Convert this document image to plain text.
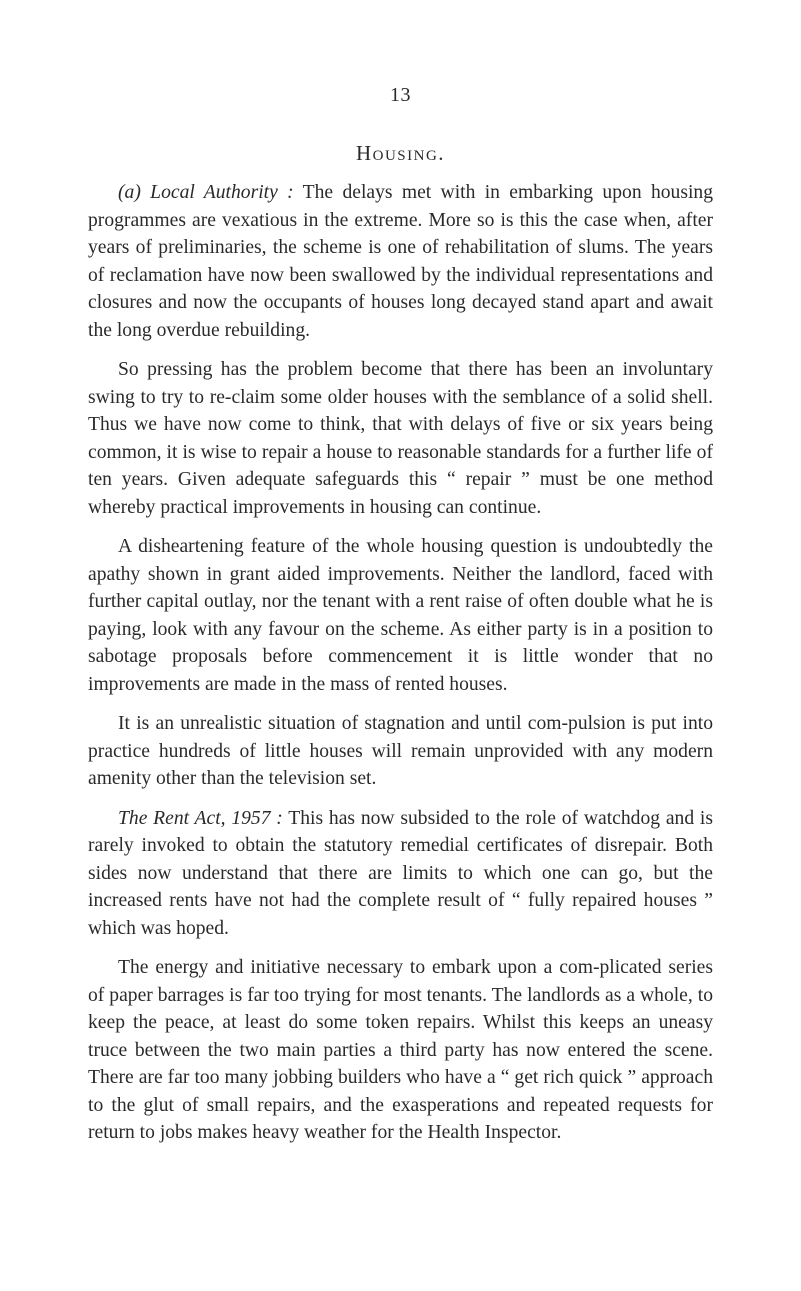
13
Housing.

(a) Local Authority : The delays met with in embarking upon housing programmes are vexatious in the extreme. More so is this the case when, after years of preliminaries, the scheme is one of rehabilitation of slums. The years of reclamation have now been swallowed by the individual representations and closures and now the occupants of houses long decayed stand apart and await the long overdue rebuilding.

So pressing has the problem become that there has been an involuntary swing to try to re-claim some older houses with the semblance of a solid shell. Thus we have now come to think, that with delays of five or six years being common, it is wise to repair a house to reasonable standards for a further life of ten years. Given adequate safeguards this “ repair ” must be one method whereby practical improvements in housing can continue.

A disheartening feature of the whole housing question is undoubtedly the apathy shown in grant aided improvements. Neither the landlord, faced with further capital outlay, nor the tenant with a rent raise of often double what he is paying, look with any favour on the scheme. As either party is in a position to sabotage proposals before commencement it is little wonder that no improvements are made in the mass of rented houses.

It is an unrealistic situation of stagnation and until com-pulsion is put into practice hundreds of little houses will remain unprovided with any modern amenity other than the television set.

The Rent Act, 1957 : This has now subsided to the role of watchdog and is rarely invoked to obtain the statutory remedial certificates of disrepair. Both sides now understand that there are limits to which one can go, but the increased rents have not had the complete result of “ fully repaired houses ” which was hoped.

The energy and initiative necessary to embark upon a com-plicated series of paper barrages is far too trying for most tenants. The landlords as a whole, to keep the peace, at least do some token repairs. Whilst this keeps an uneasy truce between the two main parties a third party has now entered the scene. There are far too many jobbing builders who have a “ get rich quick ” approach to the glut of small repairs, and the exasperations and repeated requests for return to jobs makes heavy weather for the Health Inspector.
